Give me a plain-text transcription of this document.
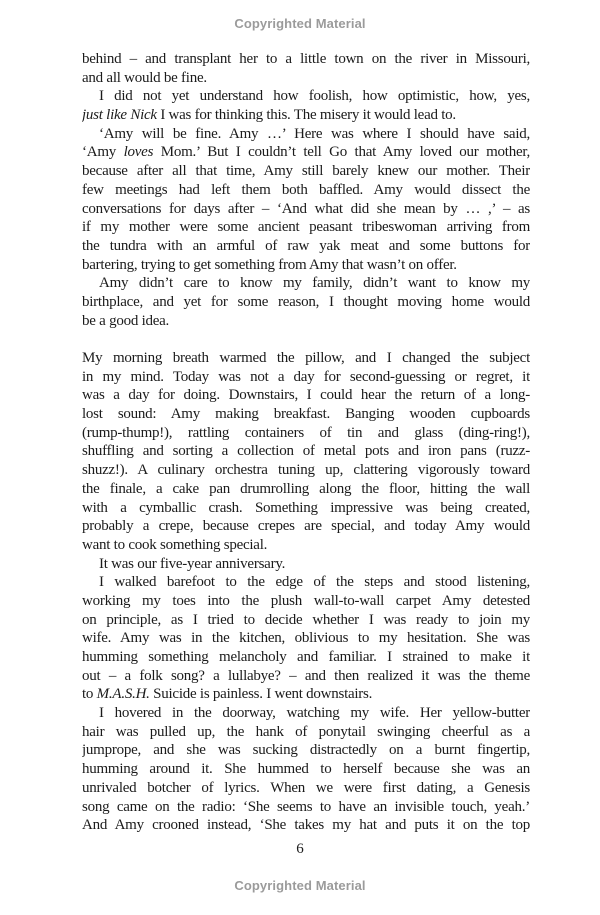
Copyrighted Material
behind – and transplant her to a little town on the river in Missouri,
and all would be fine.
I did not yet understand how foolish, how optimistic, how, yes,
just like Nick I was for thinking this. The misery it would lead to.
‘Amy will be fine. Amy …’ Here was where I should have said,
‘Amy loves Mom.’ But I couldn’t tell Go that Amy loved our mother,
because after all that time, Amy still barely knew our mother. Their
few meetings had left them both baffled. Amy would dissect the
conversations for days after – ‘And what did she mean by … ,’ – as
if my mother were some ancient peasant tribeswoman arriving from
the tundra with an armful of raw yak meat and some buttons for
bartering, trying to get something from Amy that wasn’t on offer.
Amy didn’t care to know my family, didn’t want to know my
birthplace, and yet for some reason, I thought moving home would
be a good idea.
My morning breath warmed the pillow, and I changed the subject
in my mind. Today was not a day for second-guessing or regret, it
was a day for doing. Downstairs, I could hear the return of a long-
lost sound: Amy making breakfast. Banging wooden cupboards
(rump-thump!), rattling containers of tin and glass (ding-ring!),
shuffling and sorting a collection of metal pots and iron pans (ruzz-
shuzz!). A culinary orchestra tuning up, clattering vigorously toward
the finale, a cake pan drumrolling along the floor, hitting the wall
with a cymballic crash. Something impressive was being created,
probably a crepe, because crepes are special, and today Amy would
want to cook something special.
It was our five-year anniversary.
I walked barefoot to the edge of the steps and stood listening,
working my toes into the plush wall-to-wall carpet Amy detested
on principle, as I tried to decide whether I was ready to join my
wife. Amy was in the kitchen, oblivious to my hesitation. She was
humming something melancholy and familiar. I strained to make it
out – a folk song? a lullabye? – and then realized it was the theme
to M.A.S.H. Suicide is painless. I went downstairs.
I hovered in the doorway, watching my wife. Her yellow-butter
hair was pulled up, the hank of ponytail swinging cheerful as a
jumprope, and she was sucking distractedly on a burnt fingertip,
humming around it. She hummed to herself because she was an
unrivaled botcher of lyrics. When we were first dating, a Genesis
song came on the radio: ‘She seems to have an invisible touch, yeah.’
And Amy crooned instead, ‘She takes my hat and puts it on the top
6
Copyrighted Material
